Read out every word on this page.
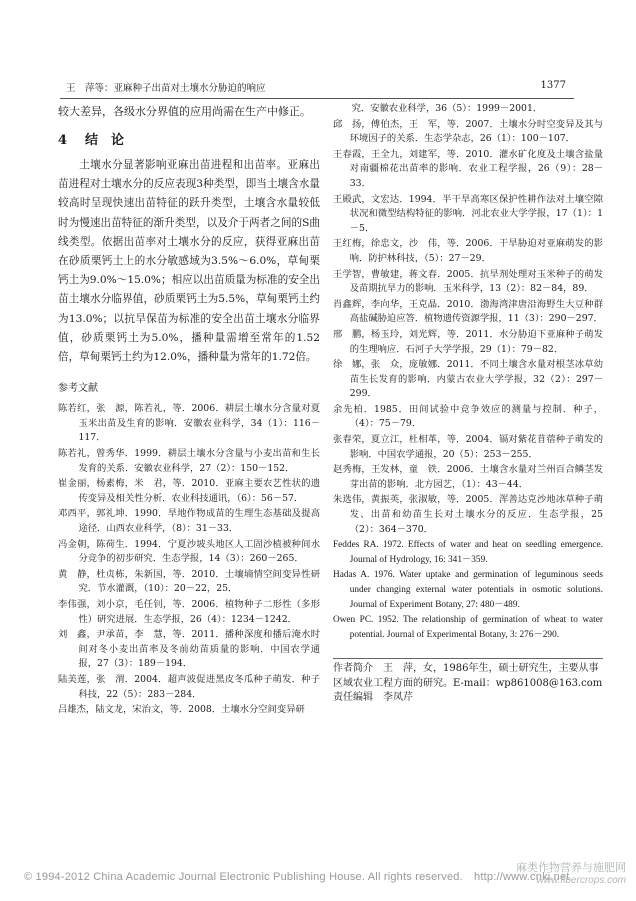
王　萍等：亚麻种子出苗对土壤水分胁迫的响应	1377

较大差异，各级水分界值的应用尚需在生产中修正。

4 结　论

土壤水分显著影响亚麻出苗进程和出苗率。亚麻出苗进程对土壤水分的反应表现3种类型，即当土壤含水量较高时呈现快速出苗特征的跃升类型，土壤含水量较低时为慢速出苗特征的渐升类型，以及介于两者之间的S曲线类型。依据出苗率对土壤水分的反应，获得亚麻出苗在砂质栗钙土上的水分敏感域为3.5%～6.0%，草甸栗钙土为9.0%～15.0%；相应以出苗质量为标准的安全出苗土壤水分临界值，砂质栗钙土为5.5%，草甸栗钙土约为13.0%；以抗旱保苗为标准的安全出苗土壤水分临界值，砂质栗钙土为5.0%，播种量需增至常年的1.52倍，草甸栗钙土约为12.0%，播种量为常年的1.72倍。

参考文献

陈若红，张　源，陈若礼，等．2006．耕层土壤水分含量对夏玉米出苗及生育的影响．安徽农业科学，34（1）：116－117．

陈若礼，曾秀华．1999．耕层土壤水分含量与小麦出苗和生长发育的关系．安徽农业科学，27（2）：150－152．

崔金丽，杨素梅，米　君，等．2010．亚麻主要农艺性状的遗传变异及相关性分析．农业科技通讯，（6）：56－57．

邓西平，郭礼坤．1990．旱地作物成苗的生理生态基础及提高途径．山西农业科学，（8）：31－33．

冯金朝，陈荷生．1994．宁夏沙坡头地区人工固沙植被种间水分竞争的初步研究．生态学报，14（3）：260－265．

黄　静，杜贞栋，朱新国，等．2010．土壤墒情空间变异性研究．节水灌溉，（10）：20－22，25．

李伟强，刘小京，毛任钊，等．2006．植物种子二形性（多形性）研究进展．生态学报，26（4）：1234－1242．

刘　鑫，尹承苗，李　慧，等．2011．播种深度和播后淹水时间对冬小麦出苗率及冬前幼苗质量的影响．中国农学通报，27（3）：189－194．

陆美莲，张　渭．2004．超声波促进黑皮冬瓜种子萌发．种子科技，22（5）：283－284．

吕雄杰，陆文龙，宋治文，等．2008．土壤水分空间变异研

究．安徽农业科学，36（5）：1999－2001．

邱　扬，傅伯杰，王　军，等．2007．土壤水分时空变异及其与环境因子的关系．生态学杂志，26（1）：100－107．

王春霞，王全九，刘建军，等．2010．灌水矿化度及土壤含盐量对南疆棉花出苗率的影响．农业工程学报，26（9）：28－33．

王殿武，文宏达．1994．半干旱高寒区保护性耕作法对土壤空隙状况和微型结构特征的影响．河北农业大学学报，17（1）：1－5．

王红梅，徐忠文，沙　伟，等．2006．干旱胁迫对亚麻萌发的影响．防护林科技，（5）：27－29．

王学智，曹敏建，蒋文春．2005．抗旱剂处理对玉米种子的萌发及苗期抗旱力的影响．玉米科学，13（2）：82－84，89．

肖鑫辉，李向华，王克晶．2010．渤海湾津唐沿海野生大豆种群高盐碱胁迫应答．植物遗传资源学报，11（3）：290－297．

邢　鹏，杨玉玲，刘光辉，等．2011．水分胁迫下亚麻种子萌发的生理响应．石河子大学学报，29（1）：79－82．

徐　娜，张　众，庞敏娜．2011．不同土壤含水量对根茎冰草幼苗生长发育的影响．内蒙古农业大学学报，32（2）：297－299．

余先柏．1985．田间试验中竞争效应的测量与控制．种子，（4）：75－79．

张春荣，夏立江，杜相革，等．2004．镉对紫花苜蓿种子萌发的影响．中国农学通报，20（5）：253－255．

赵秀梅，王发林，童　铁．2006．土壤含水量对兰州百合鳞茎发芽出苗的影响．北方园艺，（1）：43－44．

朱选伟，黄振英，张淑敏，等．2005．浑善达克沙地冰草种子萌发、出苗和幼苗生长对土壤水分的反应．生态学报，25（2）：364－370．

Feddes RA. 1972. Effects of water and heat on seedling emergence. Journal of Hydrology, 16: 341－359.

Hadas A. 1976. Water uptake and germination of leguminous seeds under changing external water potentials in osmotic solutions. Journal of Experiment Botany, 27: 480－489.

Owen PC. 1952. The relationship of germination of wheat to water potential. Journal of Experimental Botany, 3: 276－290.

作者简介　王　萍，女，1986年生，硕士研究生，主要从事区域农业工程方面的研究。E-mail：wp861008@163.com
责任编辑　李凤芹
© 1994-2012 China Academic Journal Electronic Publishing House. All rights reserved.　http://www.cnki.net
麻类作物营养与施肥网
www.fibercrops.com
